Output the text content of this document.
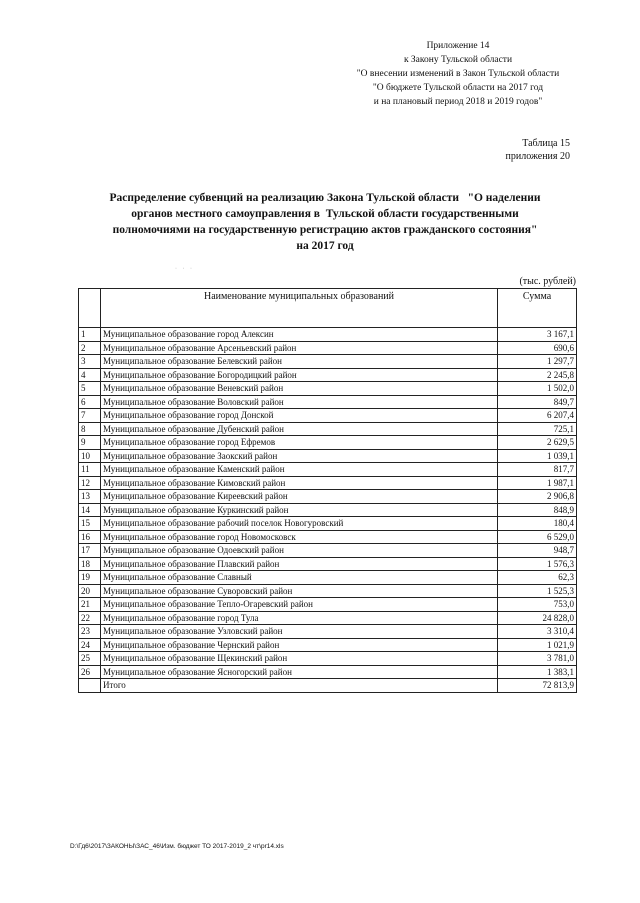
Приложение 14
к Закону Тульской области
"О внесении изменений в Закон Тульской области
"О бюджете Тульской области на 2017 год
и на плановый период 2018 и 2019 годов"
Таблица 15
приложения 20
Распределение субвенций на реализацию Закона Тульской области   "О наделении
органов местного самоуправления в  Тульской области государственными
полномочиями на государственную регистрацию актов гражданского состояния"
на 2017 год
· · ·
(тыс. рублей)
	Наименование муниципальных образований	Сумма
1	Муниципальное образование город Алексин	3 167,1
2	Муниципальное образование Арсеньевский район	690,6
3	Муниципальное образование Белевский район	1 297,7
4	Муниципальное образование Богородицкий район	2 245,8
5	Муниципальное образование Веневский район	1 502,0
6	Муниципальное образование Воловский район	849,7
7	Муниципальное образование город Донской	6 207,4
8	Муниципальное образование Дубенский район	725,1
9	Муниципальное образование город Ефремов	2 629,5
10	Муниципальное образование Заокский район	1 039,1
11	Муниципальное образование Каменский район	817,7
12	Муниципальное образование Кимовский район	1 987,1
13	Муниципальное образование Киреевский район	2 906,8
14	Муниципальное образование Куркинский район	848,9
15	Муниципальное образование рабочий поселок Новогуровский	180,4
16	Муниципальное образование город Новомосковск	6 529,0
17	Муниципальное образование Одоевский район	948,7
18	Муниципальное образование Плавский район	1 576,3
19	Муниципальное образование Славный	62,3
20	Муниципальное образование Суворовский район	1 525,3
21	Муниципальное образование Тепло-Огаревский район	753,0
22	Муниципальное образование город Тула	24 828,0
23	Муниципальное образование Узловский район	3 310,4
24	Муниципальное образование Чернский район	1 021,9
25	Муниципальное образование Щекинский район	3 781,0
26	Муниципальное образование Ясногорский район	1 383,1
	Итого	72 813,9
D:\Гд6\2017\ЗАКОНЫ\ЗАС_46\Изм. бюджет ТО 2017-2019_2 чт\pr14.xls
